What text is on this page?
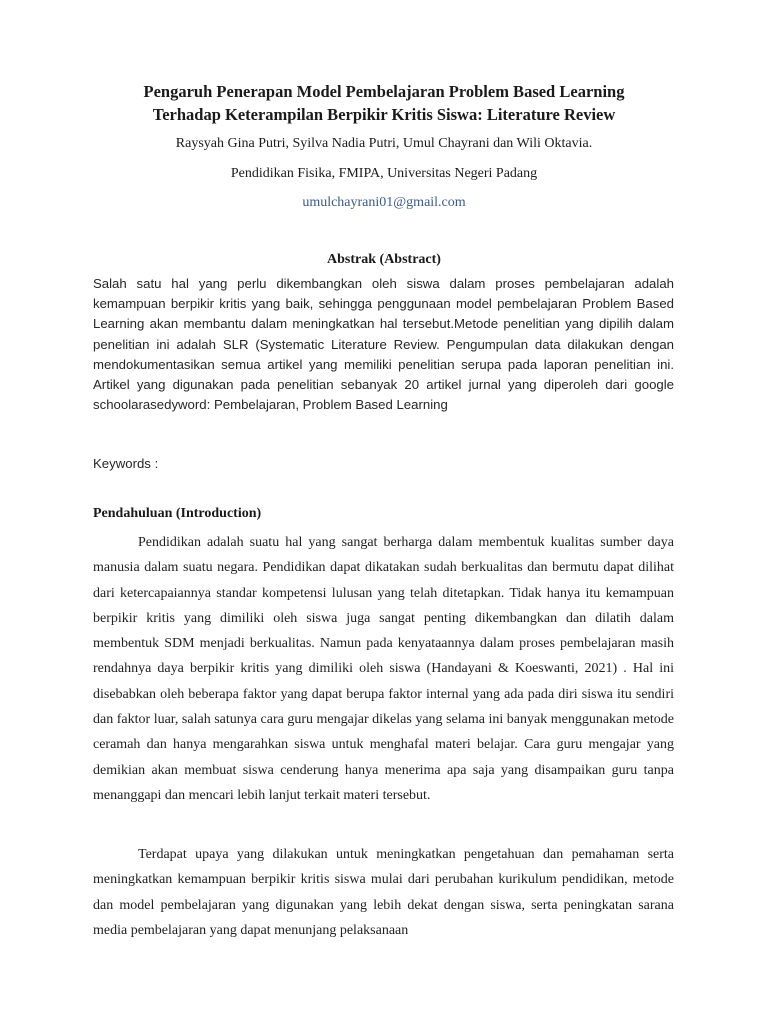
Pengaruh Penerapan Model Pembelajaran Problem Based Learning
Terhadap Keterampilan Berpikir Kritis Siswa: Literature Review

Raysyah Gina Putri, Syilva Nadia Putri, Umul Chayrani dan Wili Oktavia.

Pendidikan Fisika, FMIPA, Universitas Negeri Padang

umulchayrani01@gmail.com

Abstrak (Abstract)

Salah satu hal yang perlu dikembangkan oleh siswa dalam proses pembelajaran adalah kemampuan berpikir kritis yang baik, sehingga penggunaan model pembelajaran Problem Based Learning akan membantu dalam meningkatkan hal tersebut.Metode penelitian yang dipilih dalam penelitian ini adalah SLR (Systematic Literature Review. Pengumpulan data dilakukan dengan mendokumentasikan semua artikel yang memiliki penelitian serupa pada laporan penelitian ini. Artikel yang digunakan pada penelitian sebanyak 20 artikel jurnal yang diperoleh dari google schoolarasedyword: Pembelajaran, Problem Based Learning

Keywords :

Pendahuluan (Introduction)

Pendidikan adalah suatu hal yang sangat berharga dalam membentuk kualitas sumber daya manusia dalam suatu negara. Pendidikan dapat dikatakan sudah berkualitas dan bermutu dapat dilihat dari ketercapaiannya standar kompetensi lulusan yang telah ditetapkan. Tidak hanya itu kemampuan berpikir kritis yang dimiliki oleh siswa juga sangat penting dikembangkan dan dilatih dalam membentuk SDM menjadi berkualitas. Namun pada kenyataannya dalam proses pembelajaran masih rendahnya daya berpikir kritis yang dimiliki oleh siswa (Handayani & Koeswanti, 2021) . Hal ini disebabkan oleh beberapa faktor yang dapat berupa faktor internal yang ada pada diri siswa itu sendiri dan faktor luar, salah satunya cara guru mengajar dikelas yang selama ini banyak menggunakan metode ceramah dan hanya mengarahkan siswa untuk menghafal materi belajar. Cara guru mengajar yang demikian akan membuat siswa cenderung hanya menerima apa saja yang disampaikan guru tanpa menanggapi dan mencari lebih lanjut terkait materi tersebut.

Terdapat upaya yang dilakukan untuk meningkatkan pengetahuan dan pemahaman serta meningkatkan kemampuan berpikir kritis siswa mulai dari perubahan kurikulum pendidikan, metode dan model pembelajaran yang digunakan yang lebih dekat dengan siswa, serta peningkatan sarana media pembelajaran yang dapat menunjang pelaksanaan
